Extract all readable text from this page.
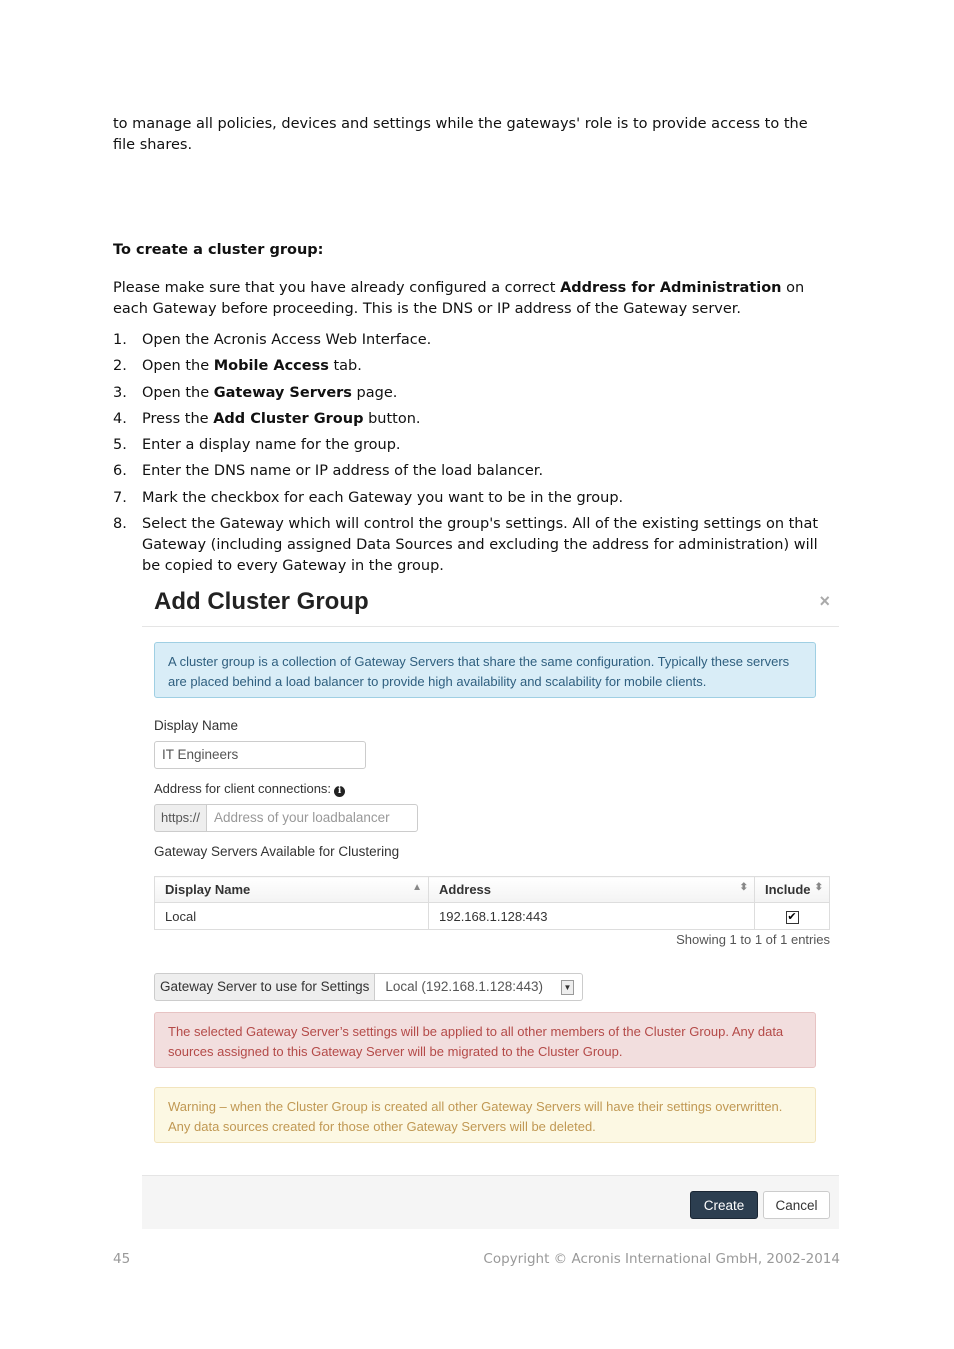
to manage all policies, devices and settings while the gateways' role is to provide access to the file shares.
To create a cluster group:
Please make sure that you have already configured a correct Address for Administration on each Gateway before proceeding. This is the DNS or IP address of the Gateway server.
1. Open the Acronis Access Web Interface.
2. Open the Mobile Access tab.
3. Open the Gateway Servers page.
4. Press the Add Cluster Group button.
5. Enter a display name for the group.
6. Enter the DNS name or IP address of the load balancer.
7. Mark the checkbox for each Gateway you want to be in the group.
8. Select the Gateway which will control the group's settings. All of the existing settings on that Gateway (including assigned Data Sources and excluding the address for administration) will be copied to every Gateway in the group.
Add Cluster Group	×
A cluster group is a collection of Gateway Servers that share the same configuration. Typically these servers are placed behind a load balancer to provide high availability and scalability for mobile clients.
Display Name
IT Engineers
Address for client connections: i
https://	Address of your loadbalancer
Gateway Servers Available for Clustering
Display Name ▲	Address ⬍	Include ⬍

Local	192.168.1.128:443	✔
Showing 1 to 1 of 1 entries
Gateway Server to use for Settings	Local (192.168.1.128:443)	▼
The selected Gateway Server’s settings will be applied to all other members of the Cluster Group. Any data sources assigned to this Gateway Server will be migrated to the Cluster Group.
Warning – when the Cluster Group is created all other Gateway Servers will have their settings overwritten. Any data sources created for those other Gateway Servers will be deleted.
Create	Cancel
45	Copyright © Acronis International GmbH, 2002-2014
